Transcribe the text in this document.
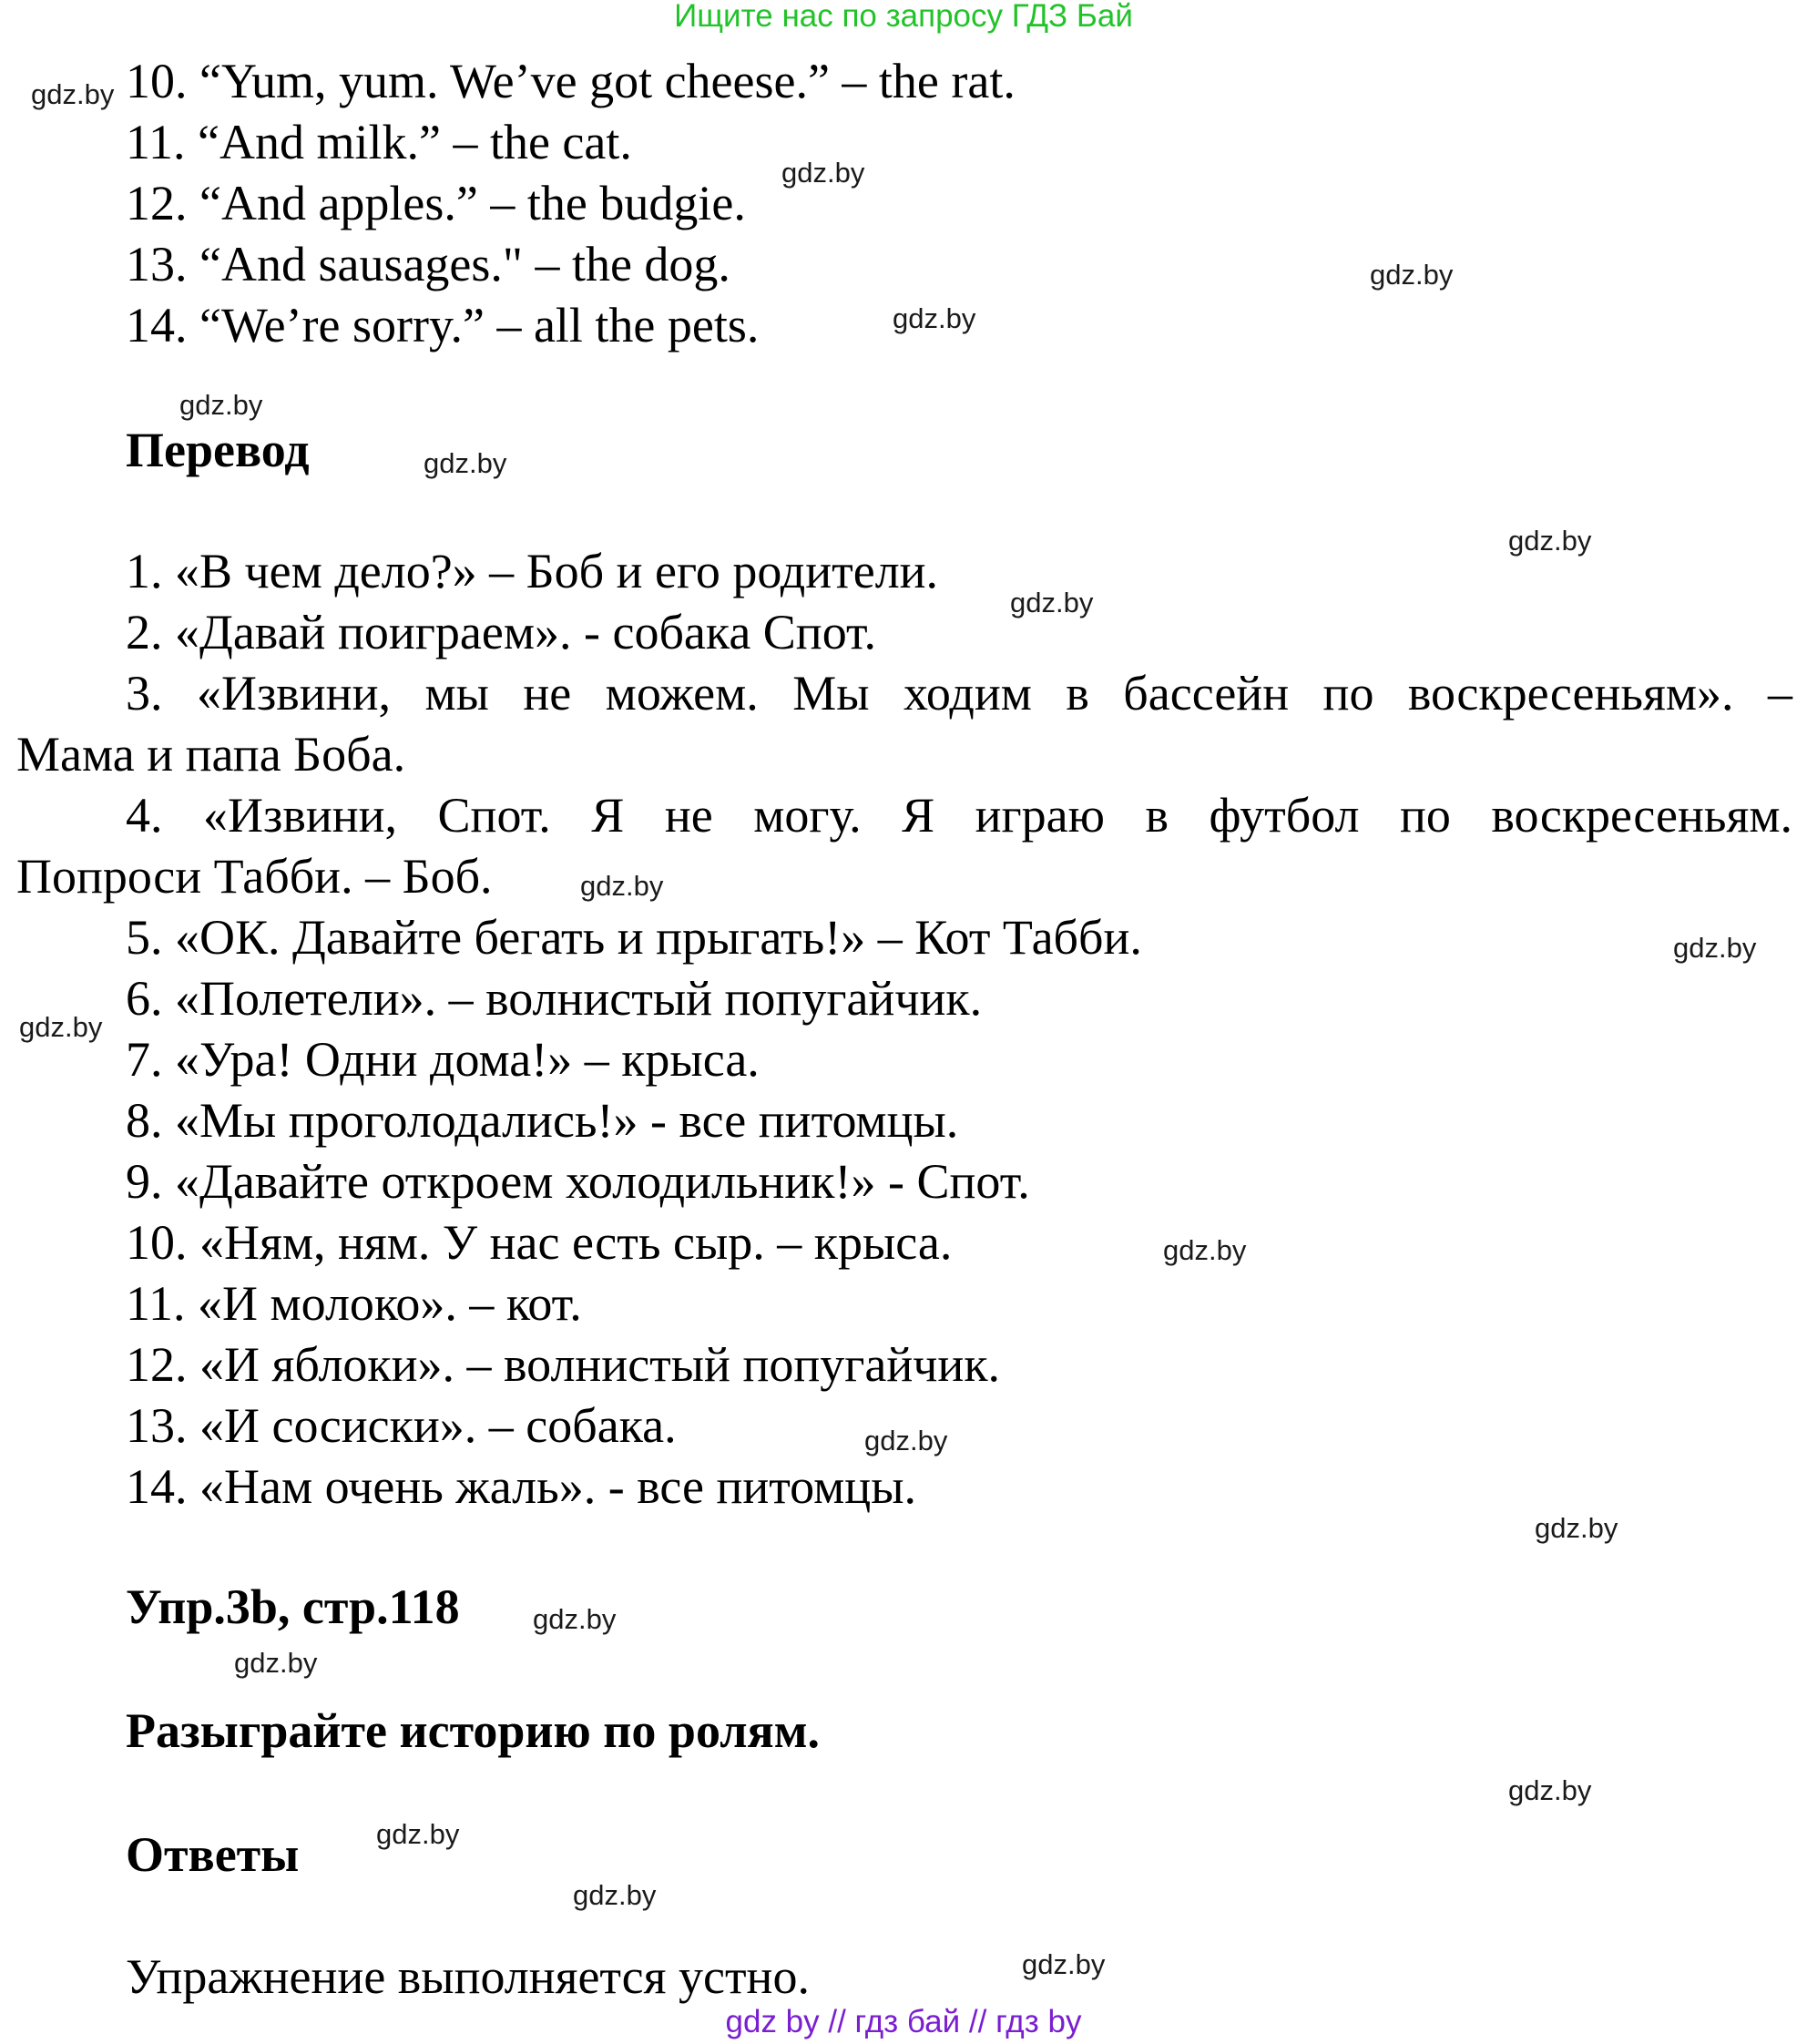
Ищите нас по запросу ГДЗ Бай
10. “Yum, yum. We’ve got cheese.” – the rat.
11. “And milk.” – the cat.
12. “And apples.” – the budgie.
13. “And sausages." – the dog.
14. “We’re sorry.” – all the pets.
Перевод
1. «В чем дело?» – Боб и его родители.
2. «Давай поиграем». - собака Спот.
3. «Извини, мы не можем. Мы ходим в бассейн по воскресеньям». –
Мама и папа Боба.
4. «Извини, Спот. Я не могу. Я играю в футбол по воскресеньям.
Попроси Табби. – Боб.
5. «ОК. Давайте бегать и прыгать!» – Кот Табби.
6. «Полетели». – волнистый попугайчик.
7. «Ура! Одни дома!» – крыса.
8. «Мы проголодались!» - все питомцы.
9. «Давайте откроем холодильник!» - Спот.
10. «Ням, ням. У нас есть сыр. – крыса.
11. «И молоко». – кот.
12. «И яблоки». – волнистый попугайчик.
13. «И сосиски». – собака.
14. «Нам очень жаль». - все питомцы.
Упр.3b, стр.118
Разыграйте историю по ролям.
Ответы
Упражнение выполняется устно.
gdz.by
gdz.by
gdz.by
gdz.by
gdz.by
gdz.by
gdz.by
gdz.by
gdz.by
gdz.by
gdz.by
gdz.by
gdz.by
gdz.by
gdz.by
gdz.by
gdz.by
gdz.by
gdz.by
gdz.by
gdz by // гдз бай // гдз by
